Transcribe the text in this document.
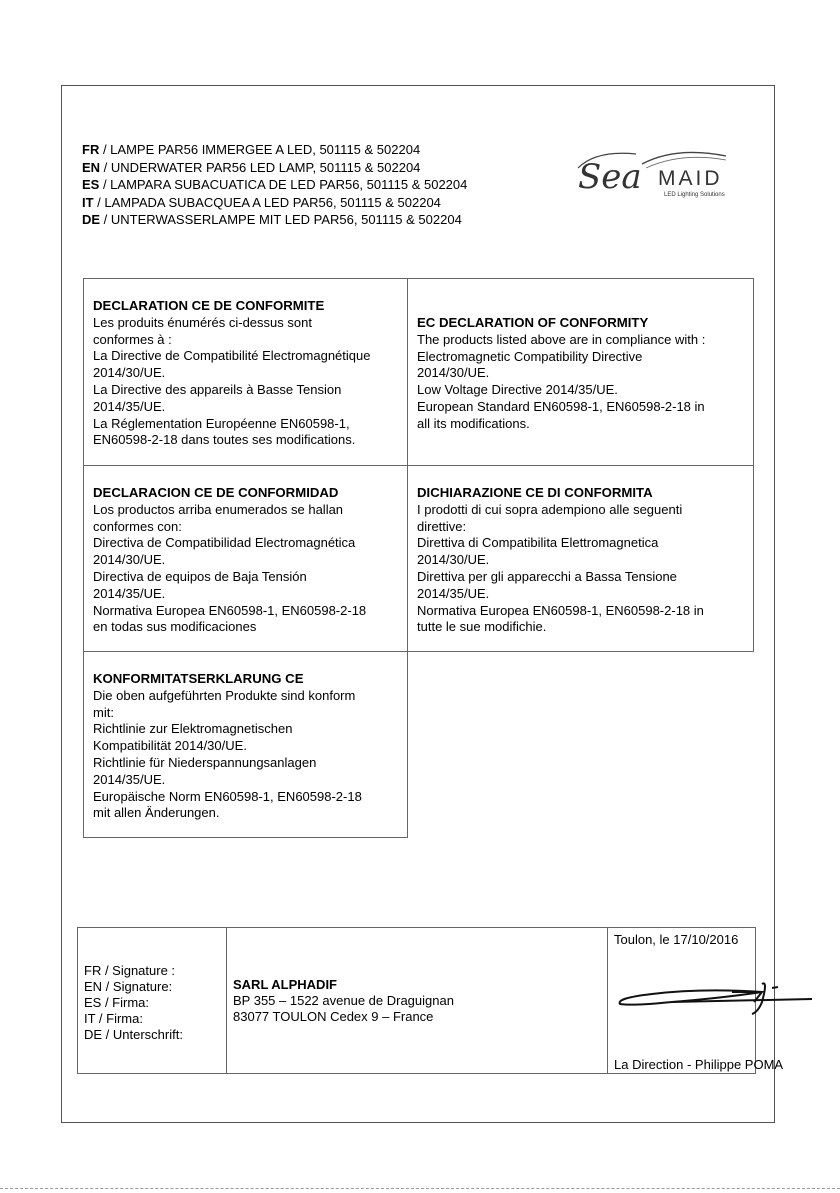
FR / LAMPE PAR56 IMMERGEE A LED, 501115 & 502204
EN / UNDERWATER PAR56 LED LAMP, 501115 & 502204
ES / LAMPARA SUBACUATICA DE LED PAR56, 501115 & 502204
IT / LAMPADA SUBACQUEA A LED PAR56, 501115 & 502204
DE / UNTERWASSERLAMPE MIT LED PAR56, 501115 & 502204
Sea MAID
LED Lighting Solutions
DECLARATION CE DE CONFORMITE
Les produits énumérés ci-dessus sont
conformes à :
La Directive de Compatibilité Electromagnétique
2014/30/UE.
La Directive des appareils à Basse Tension
2014/35/UE.
La Réglementation Européenne EN60598-1,
EN60598-2-18 dans toutes ses modifications.
EC DECLARATION OF CONFORMITY
The products listed above are in compliance with :
Electromagnetic Compatibility Directive
2014/30/UE.
Low Voltage Directive 2014/35/UE.
European Standard EN60598-1, EN60598-2-18 in
all its modifications.
DECLARACION CE DE CONFORMIDAD
Los productos arriba enumerados se hallan
conformes con:
Directiva de Compatibilidad Electromagnética
2014/30/UE.
Directiva de equipos de Baja Tensión
2014/35/UE.
Normativa Europea EN60598-1, EN60598-2-18
en todas sus modificaciones
DICHIARAZIONE CE DI CONFORMITA
I prodotti di cui sopra adempiono alle seguenti
direttive:
Direttiva di Compatibilita Elettromagnetica
2014/30/UE.
Direttiva per gli apparecchi a Bassa Tensione
2014/35/UE.
Normativa Europea EN60598-1, EN60598-2-18 in
tutte le sue modifichie.
KONFORMITATSERKLARUNG CE
Die oben aufgeführten Produkte sind konform
mit:
Richtlinie zur Elektromagnetischen
Kompatibilität 2014/30/UE.
Richtlinie für Niederspannungsanlagen
2014/35/UE.
Europäische Norm EN60598-1, EN60598-2-18
mit allen Änderungen.
FR / Signature :
EN / Signature:
ES / Firma:
IT / Firma:
DE / Unterschrift:
SARL ALPHADIF
BP 355 – 1522 avenue de Draguignan
83077 TOULON Cedex 9 – France
Toulon, le 17/10/2016
La Direction - Philippe POMA
